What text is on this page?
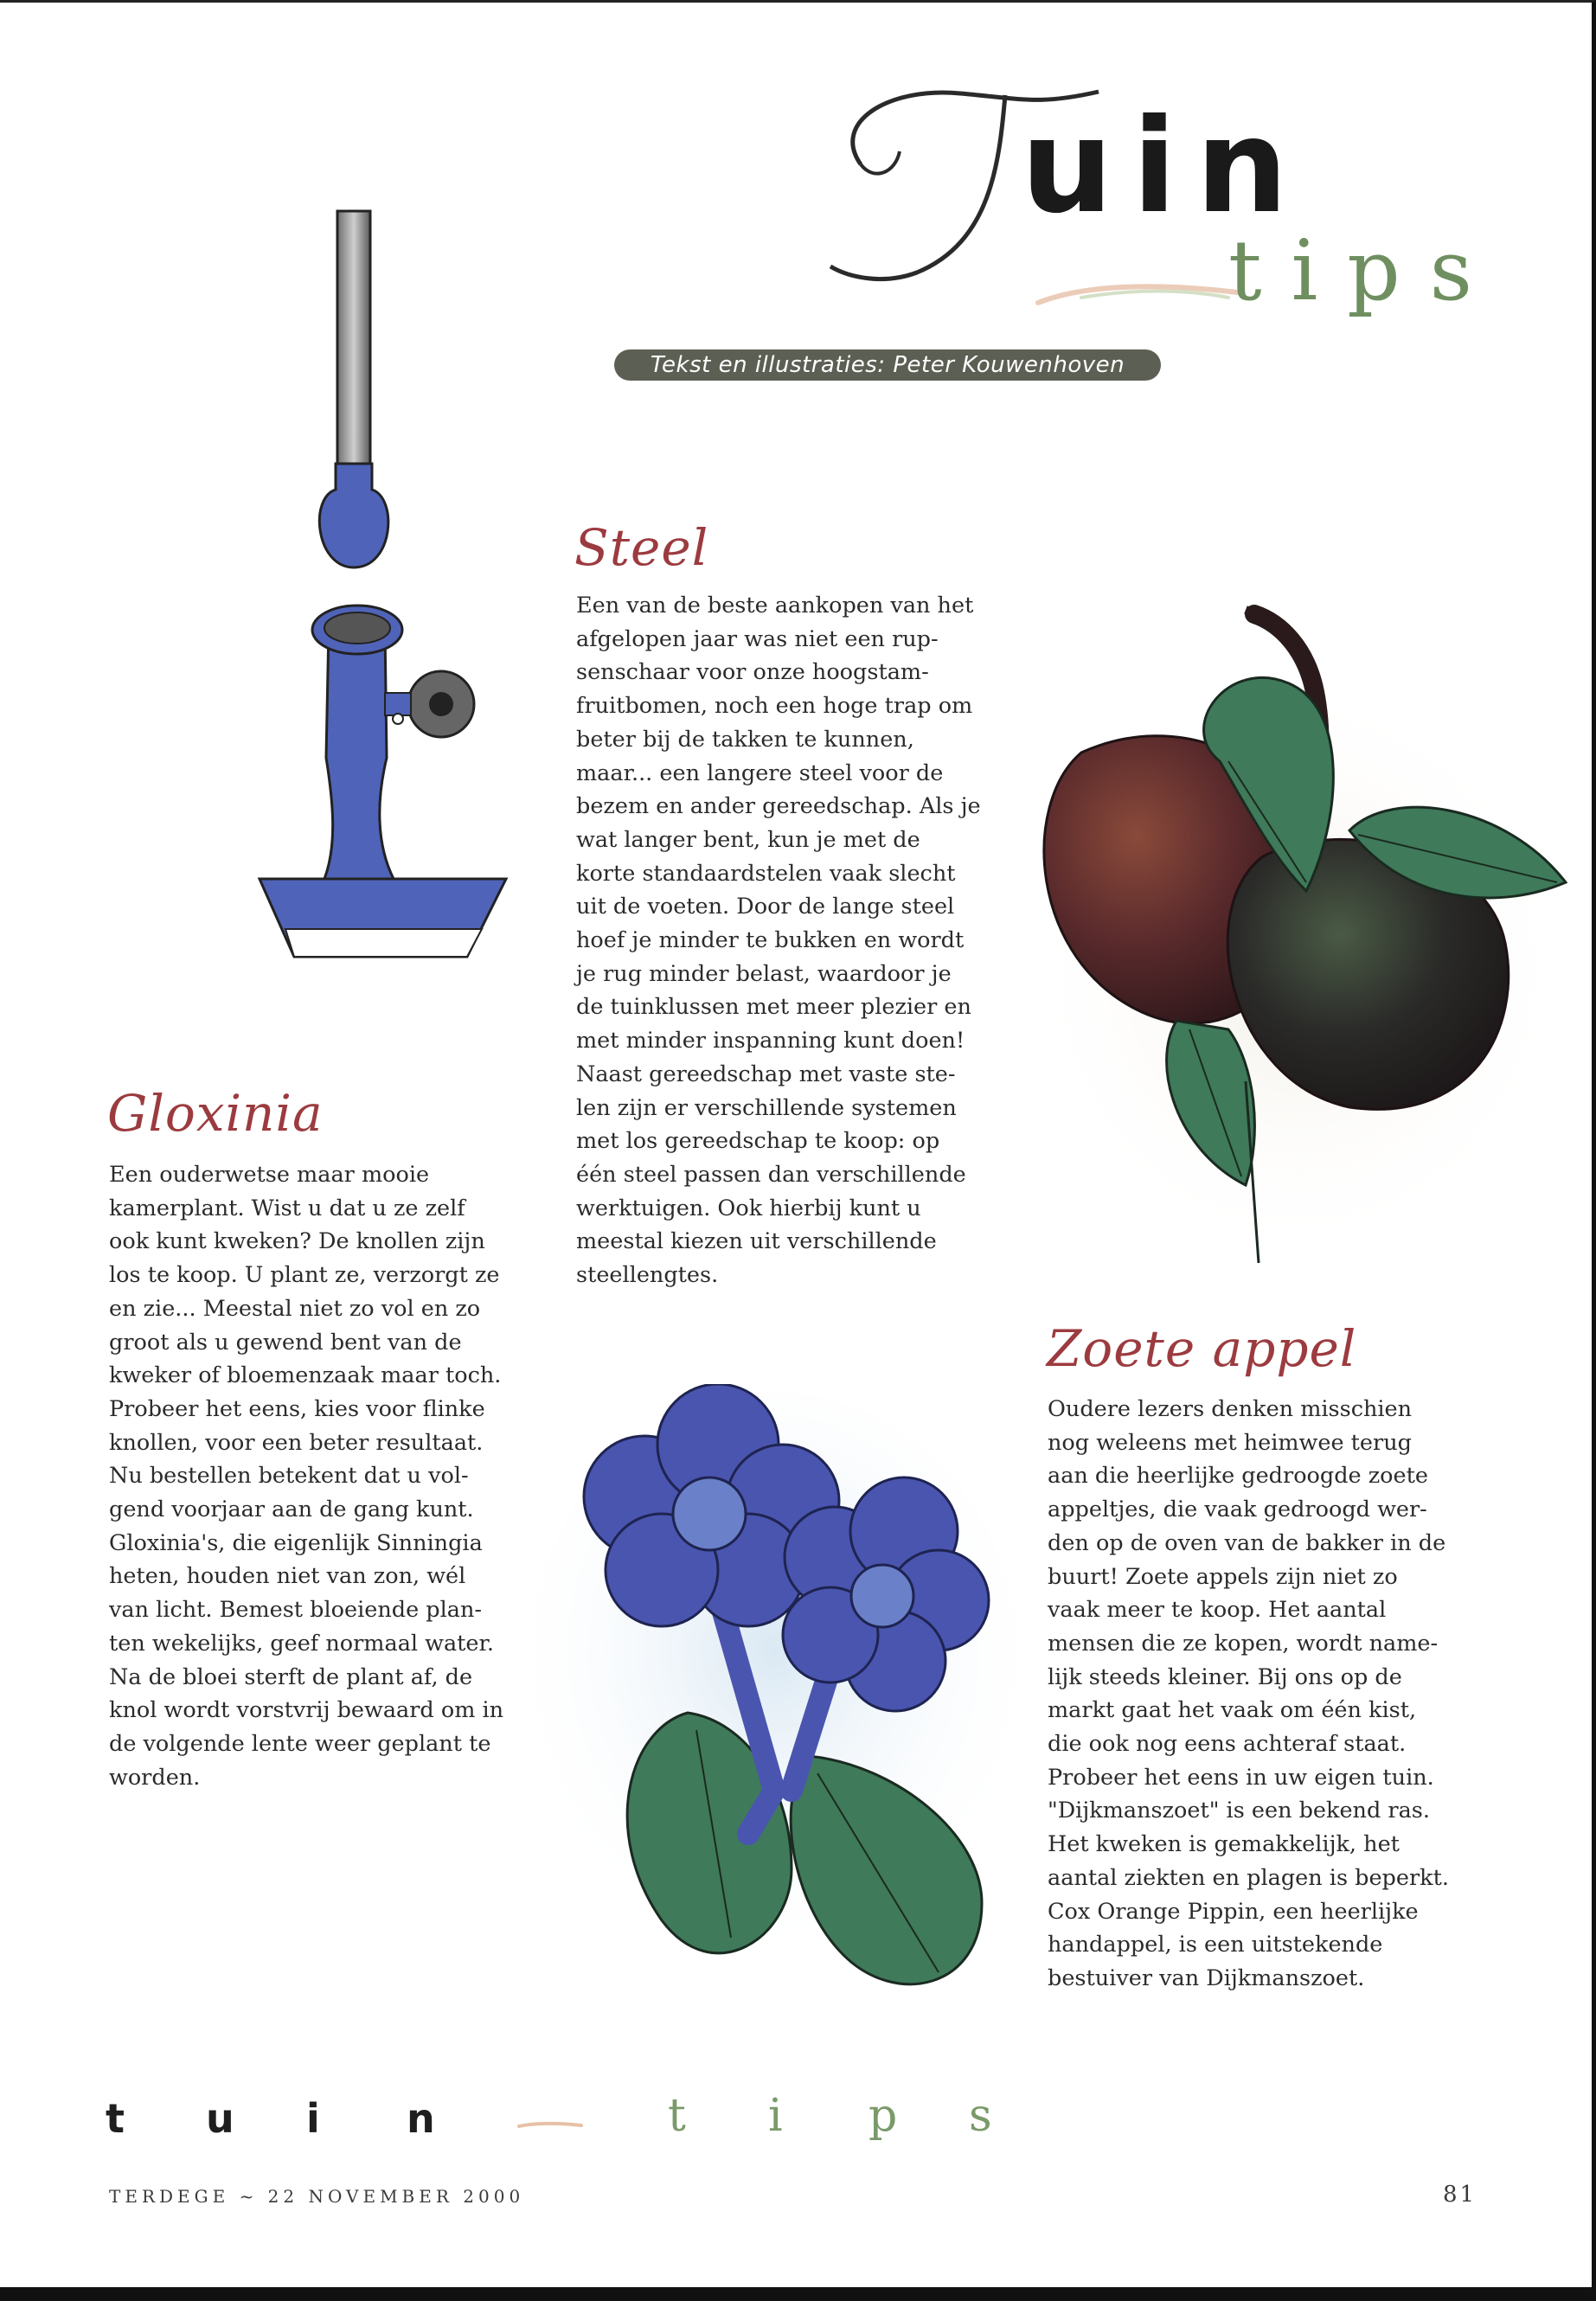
uin
tips
Tekst en illustraties: Peter Kouwenhoven
Steel
Een van de beste aankopen van het
afgelopen jaar was niet een rup-
senschaar voor onze hoogstam-
fruitbomen, noch een hoge trap om
beter bij de takken te kunnen,
maar... een langere steel voor de
bezem en ander gereedschap. Als je
wat langer bent, kun je met de
korte standaardstelen vaak slecht
uit de voeten. Door de lange steel
hoef je minder te bukken en wordt
je rug minder belast, waardoor je
de tuinklussen met meer plezier en
met minder inspanning kunt doen!
Naast gereedschap met vaste ste-
len zijn er verschillende systemen
met los gereedschap te koop: op
één steel passen dan verschillende
werktuigen. Ook hierbij kunt u
meestal kiezen uit verschillende
steellengtes.
Gloxinia
Een ouderwetse maar mooie
kamerplant. Wist u dat u ze zelf
ook kunt kweken? De knollen zijn
los te koop. U plant ze, verzorgt ze
en zie... Meestal niet zo vol en zo
groot als u gewend bent van de
kweker of bloemenzaak maar toch.
Probeer het eens, kies voor flinke
knollen, voor een beter resultaat.
Nu bestellen betekent dat u vol-
gend voorjaar aan de gang kunt.
Gloxinia's, die eigenlijk Sinningia
heten, houden niet van zon, wél
van licht. Bemest bloeiende plan-
ten wekelijks, geef normaal water.
Na de bloei sterft de plant af, de
knol wordt vorstvrij bewaard om in
de volgende lente weer geplant te
worden.
Zoete appel
Oudere lezers denken misschien
nog weleens met heimwee terug
aan die heerlijke gedroogde zoete
appeltjes, die vaak gedroogd wer-
den op de oven van de bakker in de
buurt! Zoete appels zijn niet zo
vaak meer te koop. Het aantal
mensen die ze kopen, wordt name-
lijk steeds kleiner. Bij ons op de
markt gaat het vaak om één kist,
die ook nog eens achteraf staat.
Probeer het eens in uw eigen tuin.
"Dijkmanszoet" is een bekend ras.
Het kweken is gemakkelijk, het
aantal ziekten en plagen is beperkt.
Cox Orange Pippin, een heerlijke
handappel, is een uitstekende
bestuiver van Dijkmanszoet.
t u i n	t i p s
TERDEGE ~ 22 NOVEMBER 2000	81
